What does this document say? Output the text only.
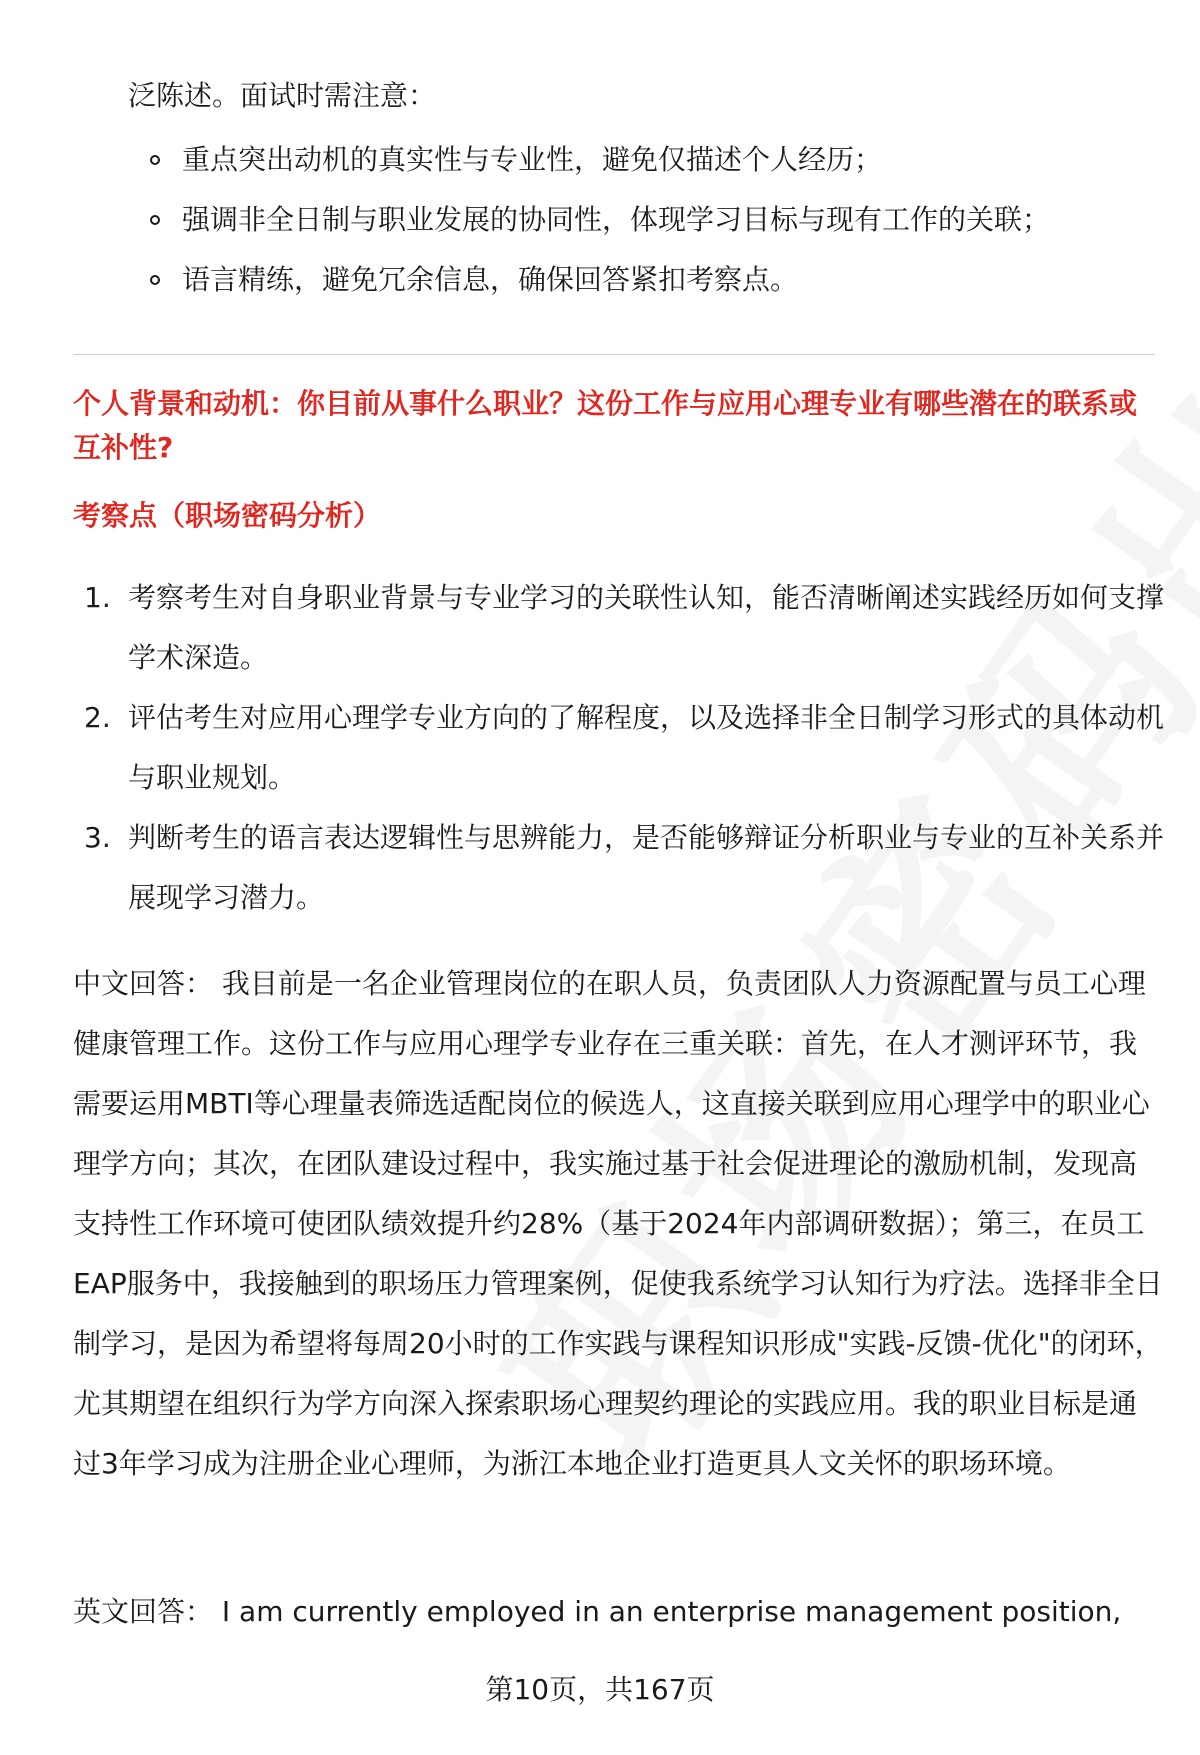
泛陈述。面试时需注意：
重点突出动机的真实性与专业性，避免仅描述个人经历；
强调非全日制与职业发展的协同性，体现学习目标与现有工作的关联；
语言精练，避免冗余信息，确保回答紧扣考察点。
个人背景和动机：你目前从事什么职业？这份工作与应用心理专业有哪些潜在的联系或互补性?
考察点（职场密码分析）
1. 考察考生对自身职业背景与专业学习的关联性认知，能否清晰阐述实践经历如何支撑学术深造。
2. 评估考生对应用心理学专业方向的了解程度，以及选择非全日制学习形式的具体动机与职业规划。
3. 判断考生的语言表达逻辑性与思辨能力，是否能够辩证分析职业与专业的互补关系并展现学习潜力。
中文回答： 我目前是一名企业管理岗位的在职人员，负责团队人力资源配置与员工心理健康管理工作。这份工作与应用心理学专业存在三重关联：首先，在人才测评环节，我需要运用MBTI等心理量表筛选适配岗位的候选人，这直接关联到应用心理学中的职业心理学方向；其次，在团队建设过程中，我实施过基于社会促进理论的激励机制，发现高支持性工作环境可使团队绩效提升约28%（基于2024年内部调研数据）；第三，在员工EAP服务中，我接触到的职场压力管理案例，促使我系统学习认知行为疗法。选择非全日制学习，是因为希望将每周20小时的工作实践与课程知识形成"实践-反馈-优化"的闭环，尤其期望在组织行为学方向深入探索职场心理契约理论的实践应用。我的职业目标是通过3年学习成为注册企业心理师，为浙江本地企业打造更具人文关怀的职场环境。
英文回答： I am currently employed in an enterprise management position,
第10页，共167页
